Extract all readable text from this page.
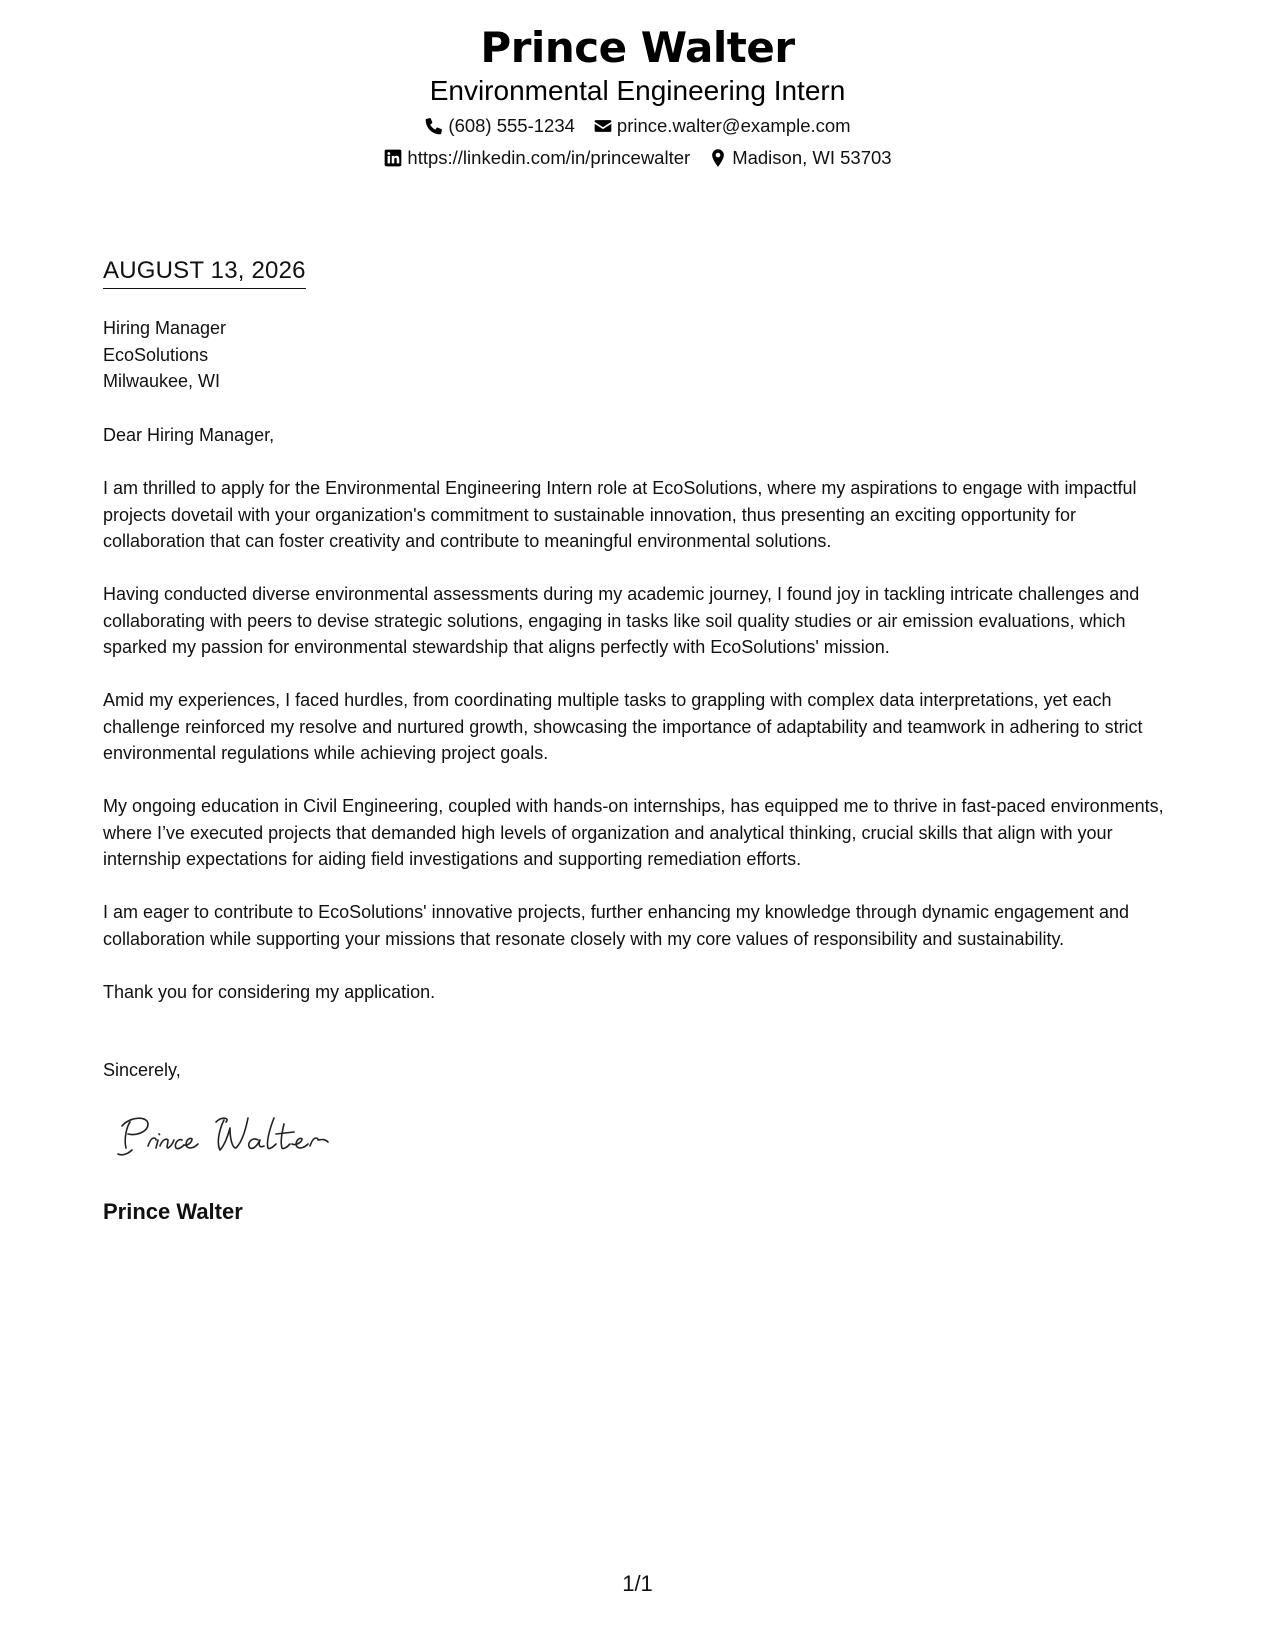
Prince Walter
Environmental Engineering Intern
(608) 555-1234 prince.walter@example.com
https://linkedin.com/in/princewalter Madison, WI 53703
AUGUST 13, 2026
Hiring Manager
EcoSolutions
Milwaukee, WI
Dear Hiring Manager,

I am thrilled to apply for the Environmental Engineering Intern role at EcoSolutions, where my aspirations to engage with impactful projects dovetail with your organization's commitment to sustainable innovation, thus presenting an exciting opportunity for collaboration that can foster creativity and contribute to meaningful environmental solutions.

Having conducted diverse environmental assessments during my academic journey, I found joy in tackling intricate challenges and collaborating with peers to devise strategic solutions, engaging in tasks like soil quality studies or air emission evaluations, which sparked my passion for environmental stewardship that aligns perfectly with EcoSolutions' mission.

Amid my experiences, I faced hurdles, from coordinating multiple tasks to grappling with complex data interpretations, yet each challenge reinforced my resolve and nurtured growth, showcasing the importance of adaptability and teamwork in adhering to strict environmental regulations while achieving project goals.

My ongoing education in Civil Engineering, coupled with hands-on internships, has equipped me to thrive in fast-paced environments, where I’ve executed projects that demanded high levels of organization and analytical thinking, crucial skills that align with your internship expectations for aiding field investigations and supporting remediation efforts.

I am eager to contribute to EcoSolutions' innovative projects, further enhancing my knowledge through dynamic engagement and collaboration while supporting your missions that resonate closely with my core values of responsibility and sustainability.

Thank you for considering my application.

Sincerely,
Prince Walter
1/1
